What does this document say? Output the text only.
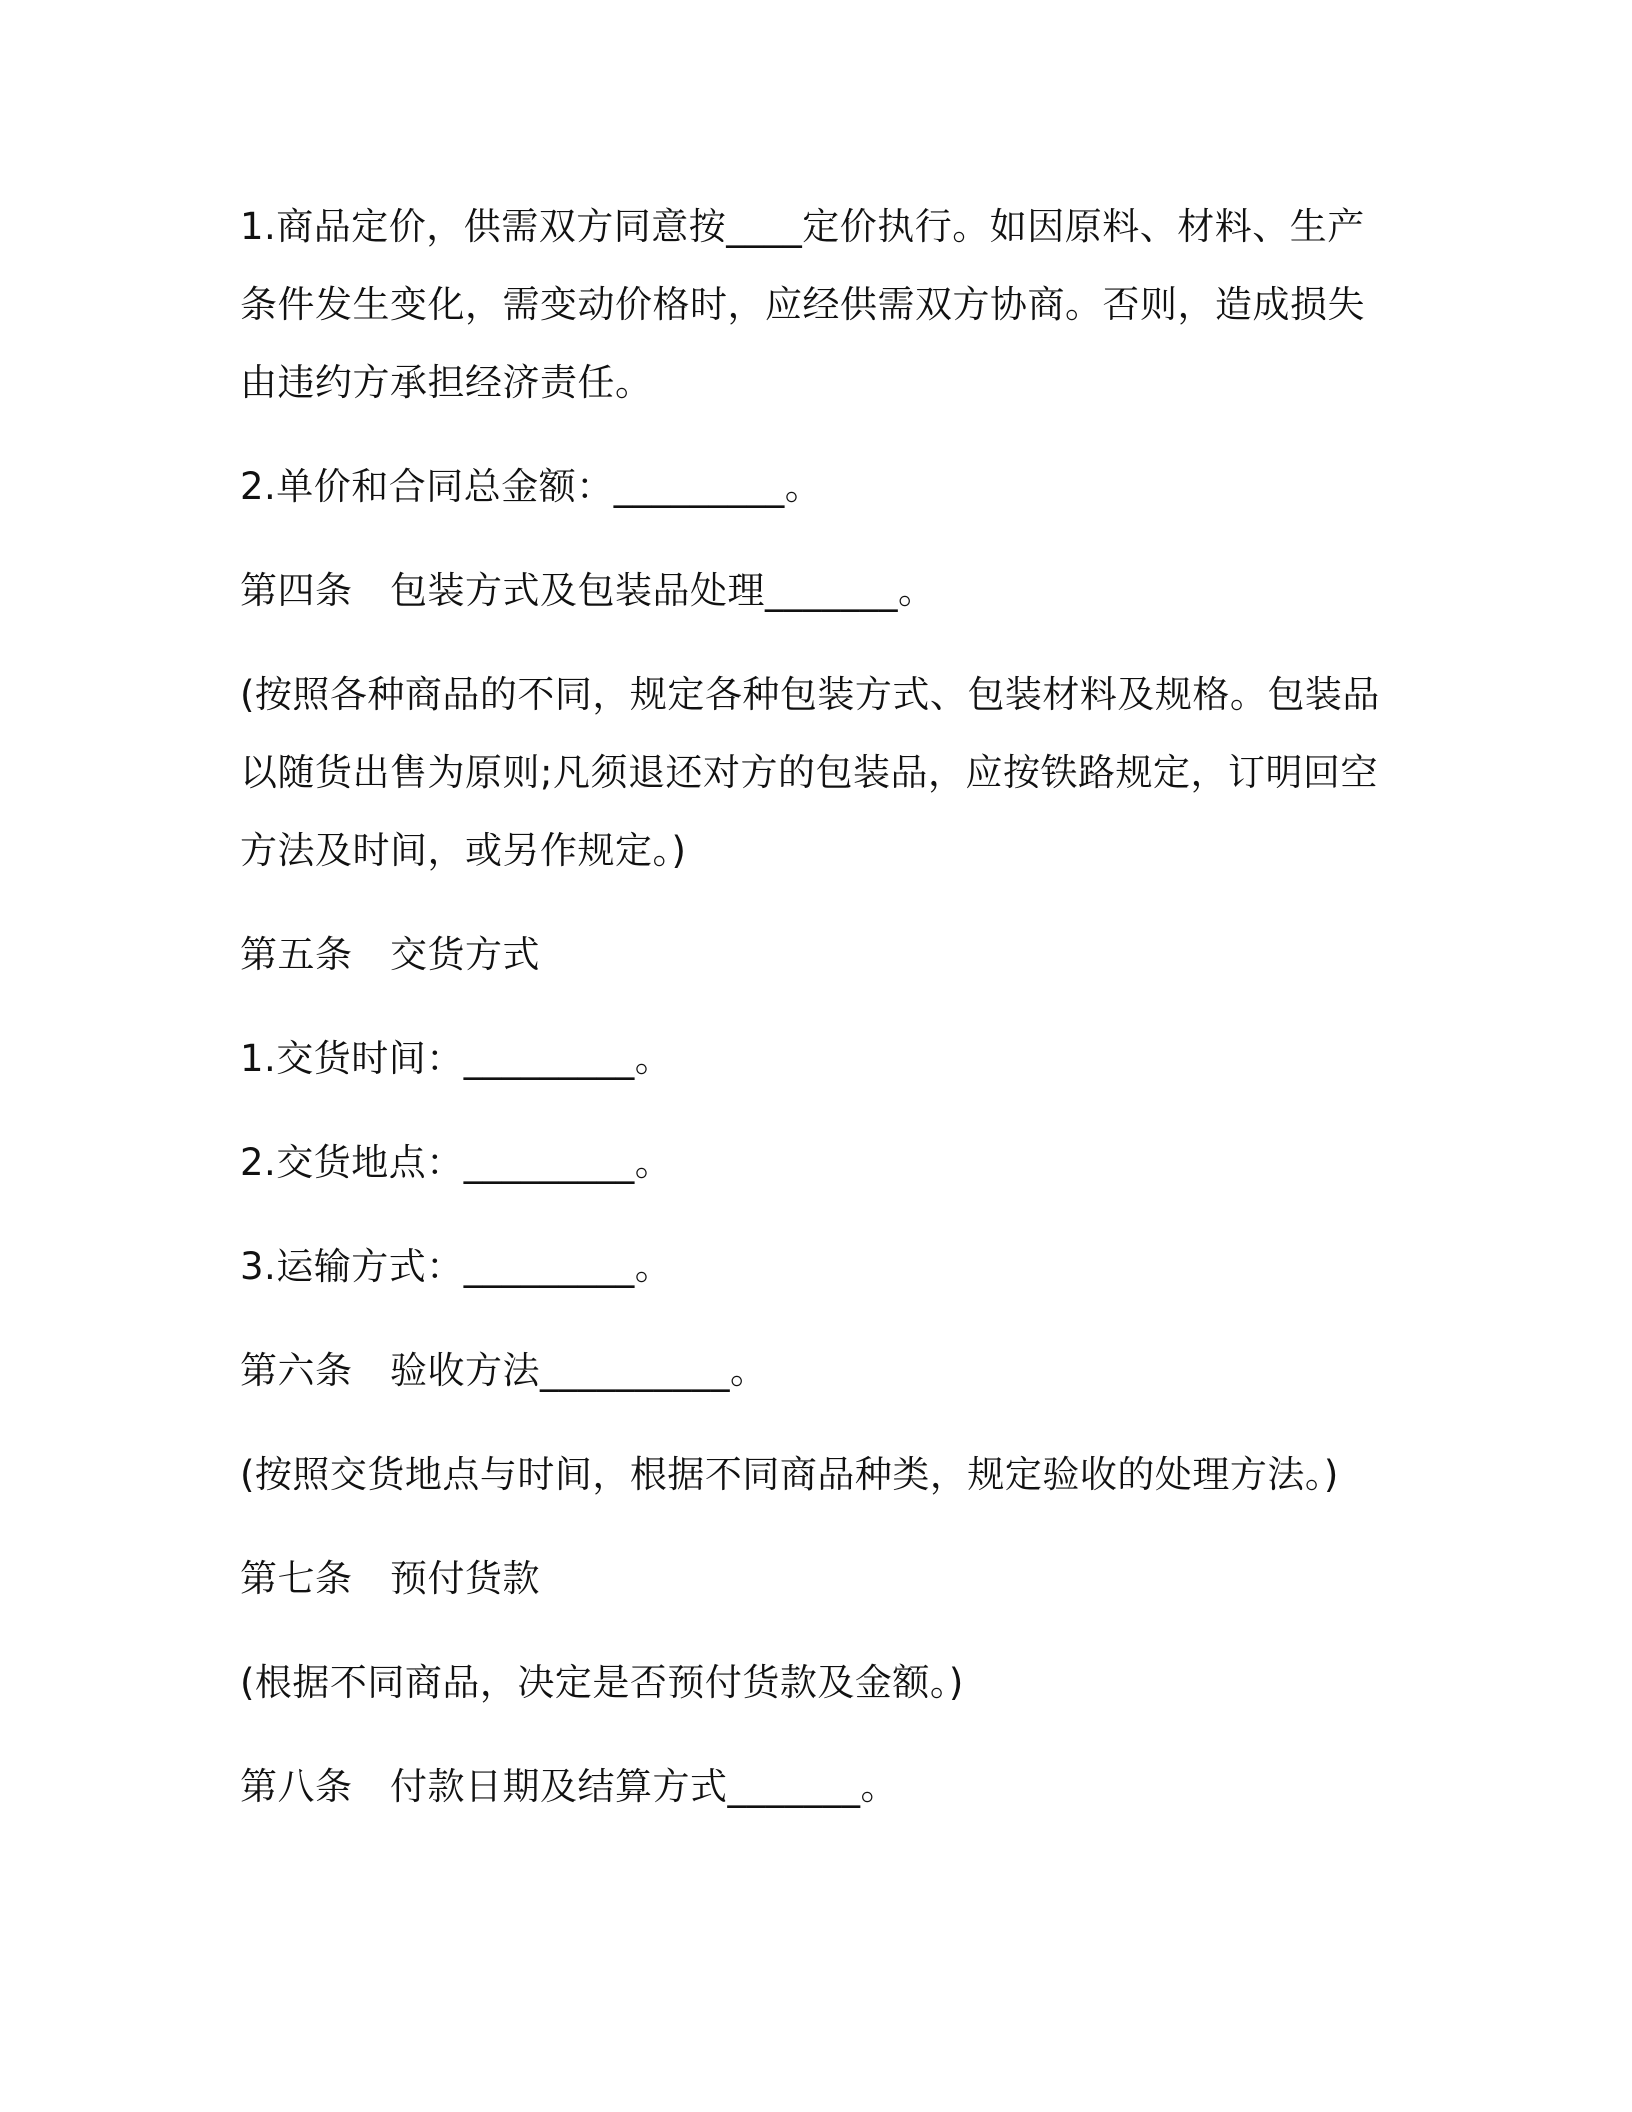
1.商品定价，供需双方同意按____定价执行。如因原料、材料、生产条件发生变化，需变动价格时，应经供需双方协商。否则，造成损失由违约方承担经济责任。

2.单价和合同总金额：_________。

第四条　包装方式及包装品处理_______。

(按照各种商品的不同，规定各种包装方式、包装材料及规格。包装品以随货出售为原则;凡须退还对方的包装品，应按铁路规定，订明回空方法及时间，或另作规定。)

第五条　交货方式

1.交货时间：_________。

2.交货地点：_________。

3.运输方式：_________。

第六条　验收方法__________。

(按照交货地点与时间，根据不同商品种类，规定验收的处理方法。)

第七条　预付货款

(根据不同商品，决定是否预付货款及金额。)

第八条　付款日期及结算方式_______。
